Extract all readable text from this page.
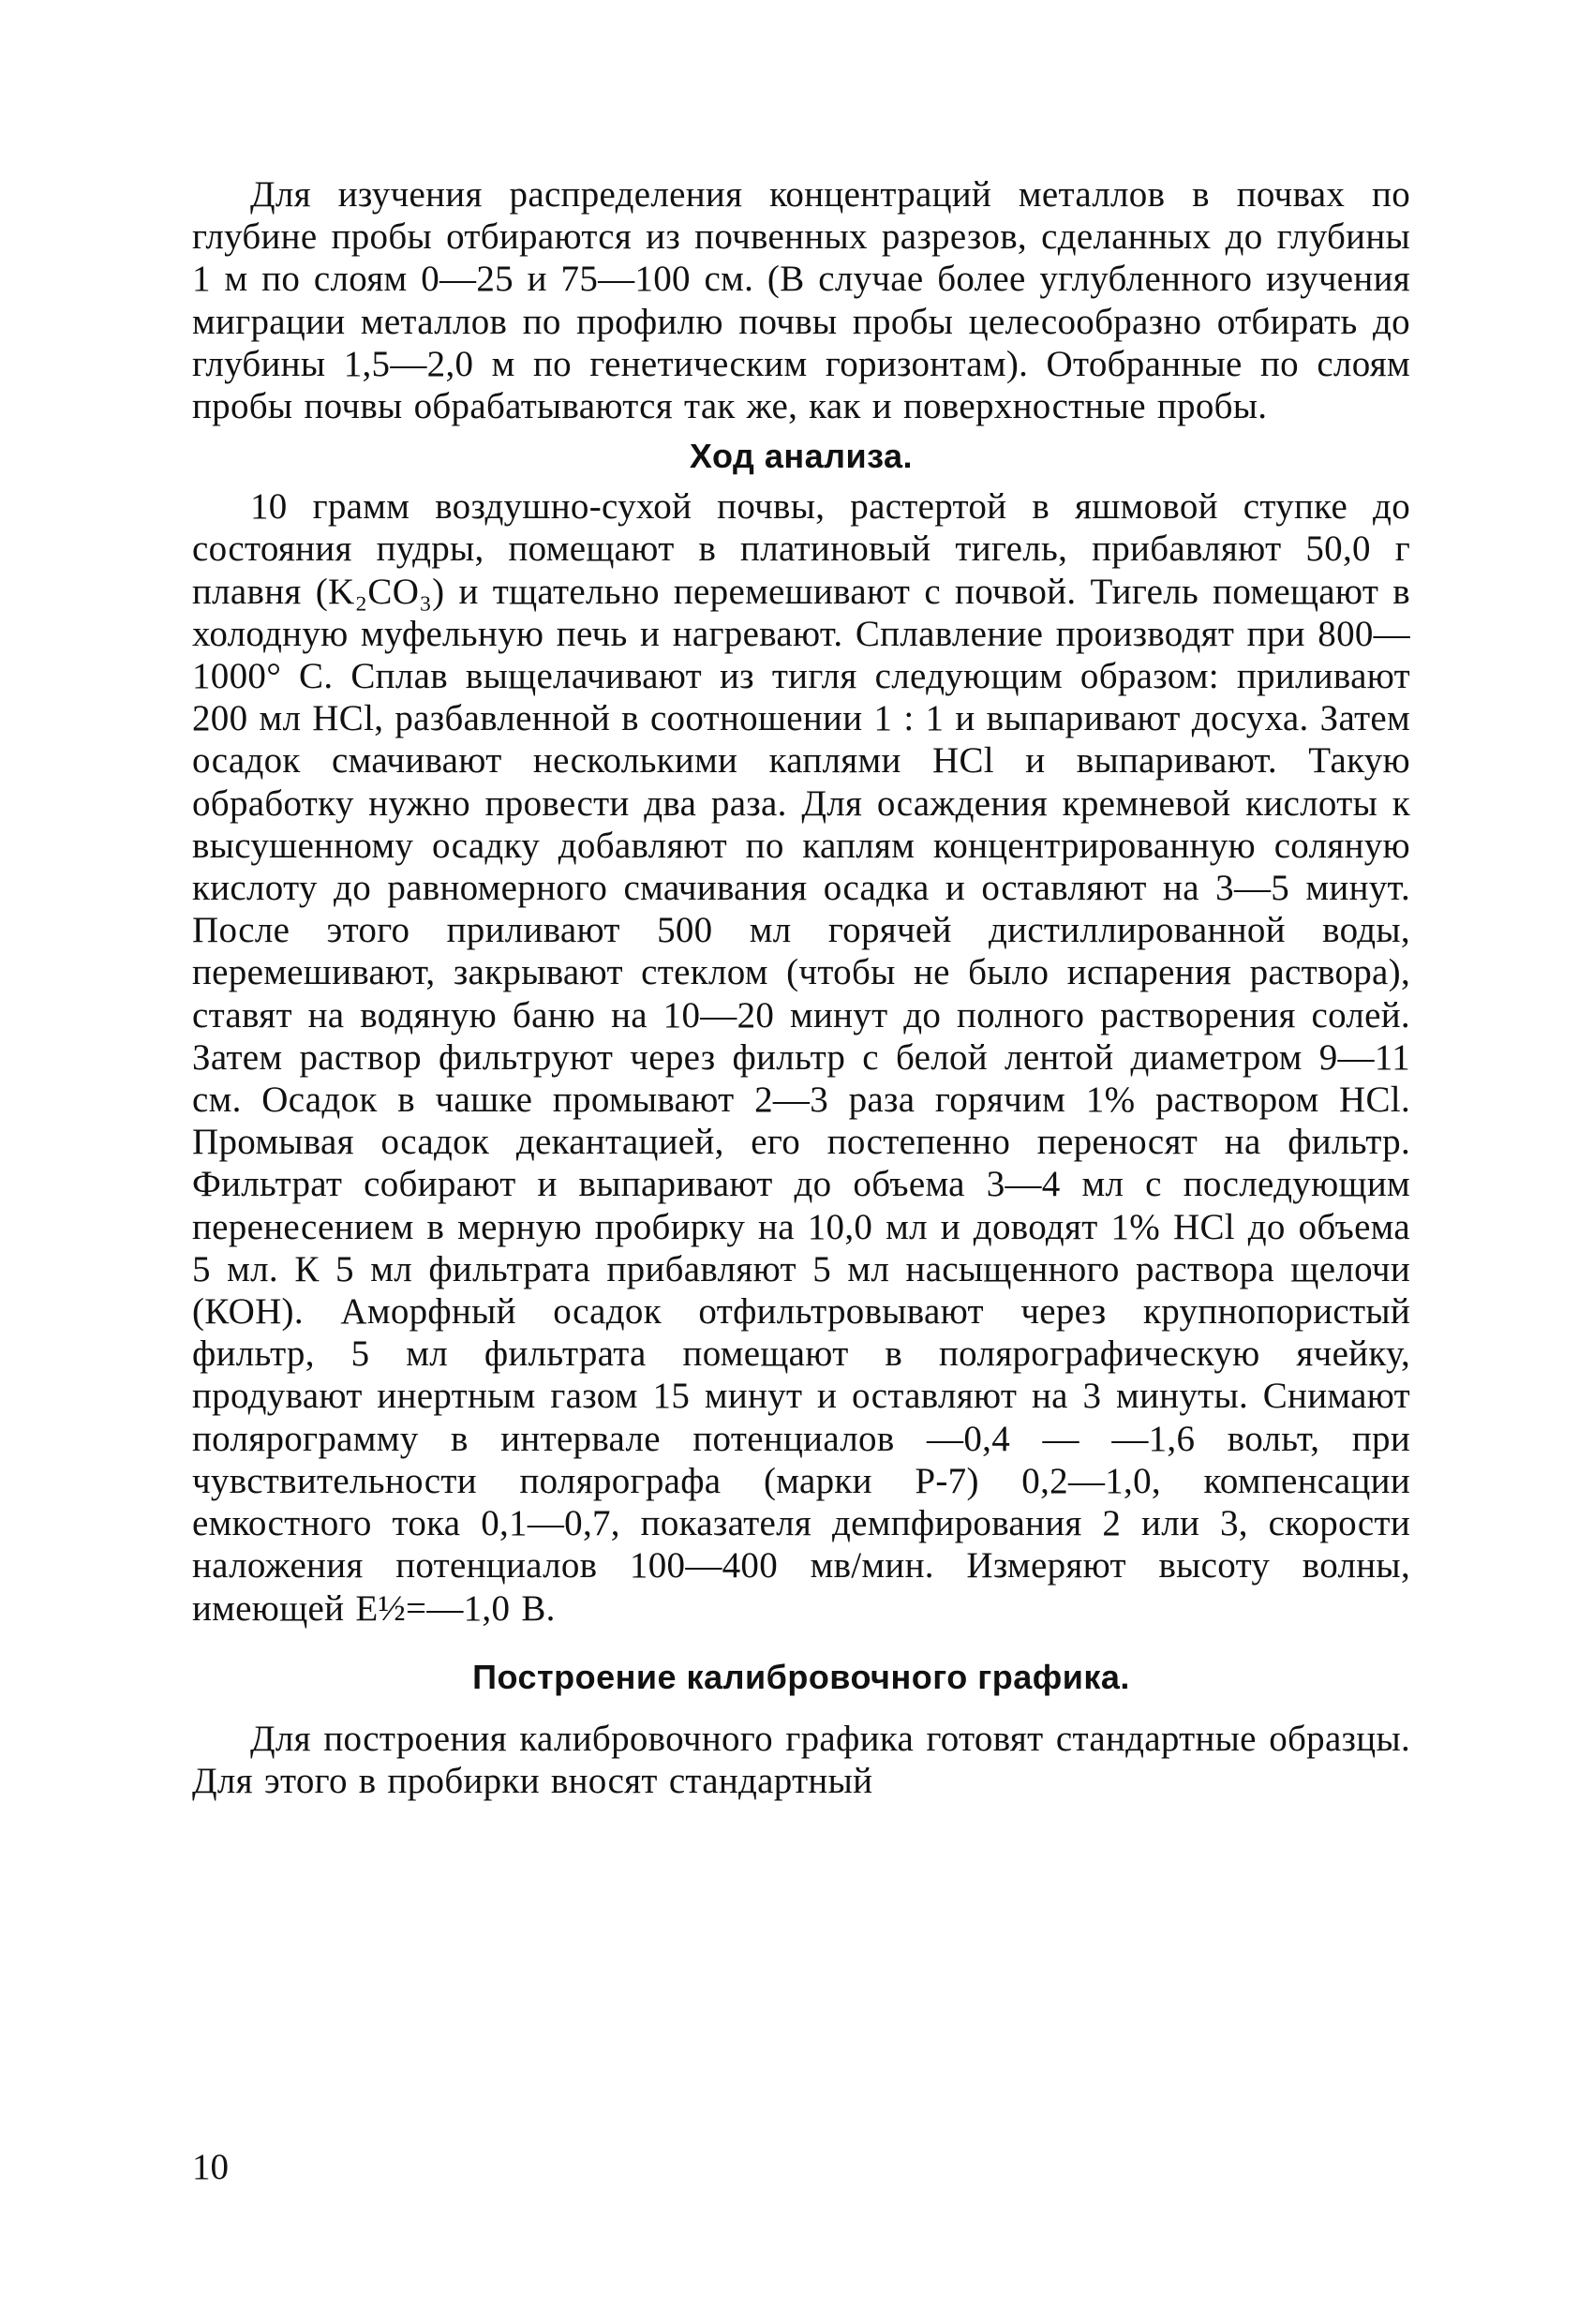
Для изучения распределения концентраций металлов в почвах по глубине пробы отбираются из почвенных разрезов, сделанных до глубины 1 м по слоям 0—25 и 75—100 см. (В случае более углубленного изучения миграции металлов по профилю почвы пробы целесообразно отбирать до глубины 1,5—2,0 м по генетическим горизонтам). Отобранные по слоям пробы почвы обрабатываются так же, как и поверхностные пробы.

Ход анализа.

10 грамм воздушно-сухой почвы, растертой в яшмовой ступке до состояния пудры, помещают в платиновый тигель, прибавляют 50,0 г плавня (K₂CO₃) и тщательно перемешивают с почвой. Тигель помещают в холодную муфельную печь и нагревают. Сплавление производят при 800—1000° С. Сплав выщелачивают из тигля следующим образом: приливают 200 мл HCl, разбавленной в соотношении 1 : 1 и выпаривают досуха. Затем осадок смачивают несколькими каплями HCl и выпаривают. Такую обработку нужно провести два раза. Для осаждения кремневой кислоты к высушенному осадку добавляют по каплям концентрированную соляную кислоту до равномерного смачивания осадка и оставляют на 3—5 минут. После этого приливают 500 мл горячей дистиллированной воды, перемешивают, закрывают стеклом (чтобы не было испарения раствора), ставят на водяную баню на 10—20 минут до полного растворения солей. Затем раствор фильтруют через фильтр с белой лентой диаметром 9—11 см. Осадок в чашке промывают 2—3 раза горячим 1% раствором HCl. Промывая осадок декантацией, его постепенно переносят на фильтр. Фильтрат собирают и выпаривают до объема 3—4 мл с последующим перенесением в мерную пробирку на 10,0 мл и доводят 1% HCl до объема 5 мл. К 5 мл фильтрата прибавляют 5 мл насыщенного раствора щелочи (КОН). Аморфный осадок отфильтровывают через крупнопористый фильтр, 5 мл фильтрата помещают в полярографическую ячейку, продувают инертным газом 15 минут и оставляют на 3 минуты. Снимают полярограмму в интервале потенциалов —0,4 — —1,6 вольт, при чувствительности полярографа (марки Р-7) 0,2—1,0, компенсации емкостного тока 0,1—0,7, показателя демпфирования 2 или 3, скорости наложения потенциалов 100—400 мв/мин. Измеряют высоту волны, имеющей E½=—1,0 В.

Построение калибровочного графика.

Для построения калибровочного графика готовят стандартные образцы. Для этого в пробирки вносят стандартный

10
